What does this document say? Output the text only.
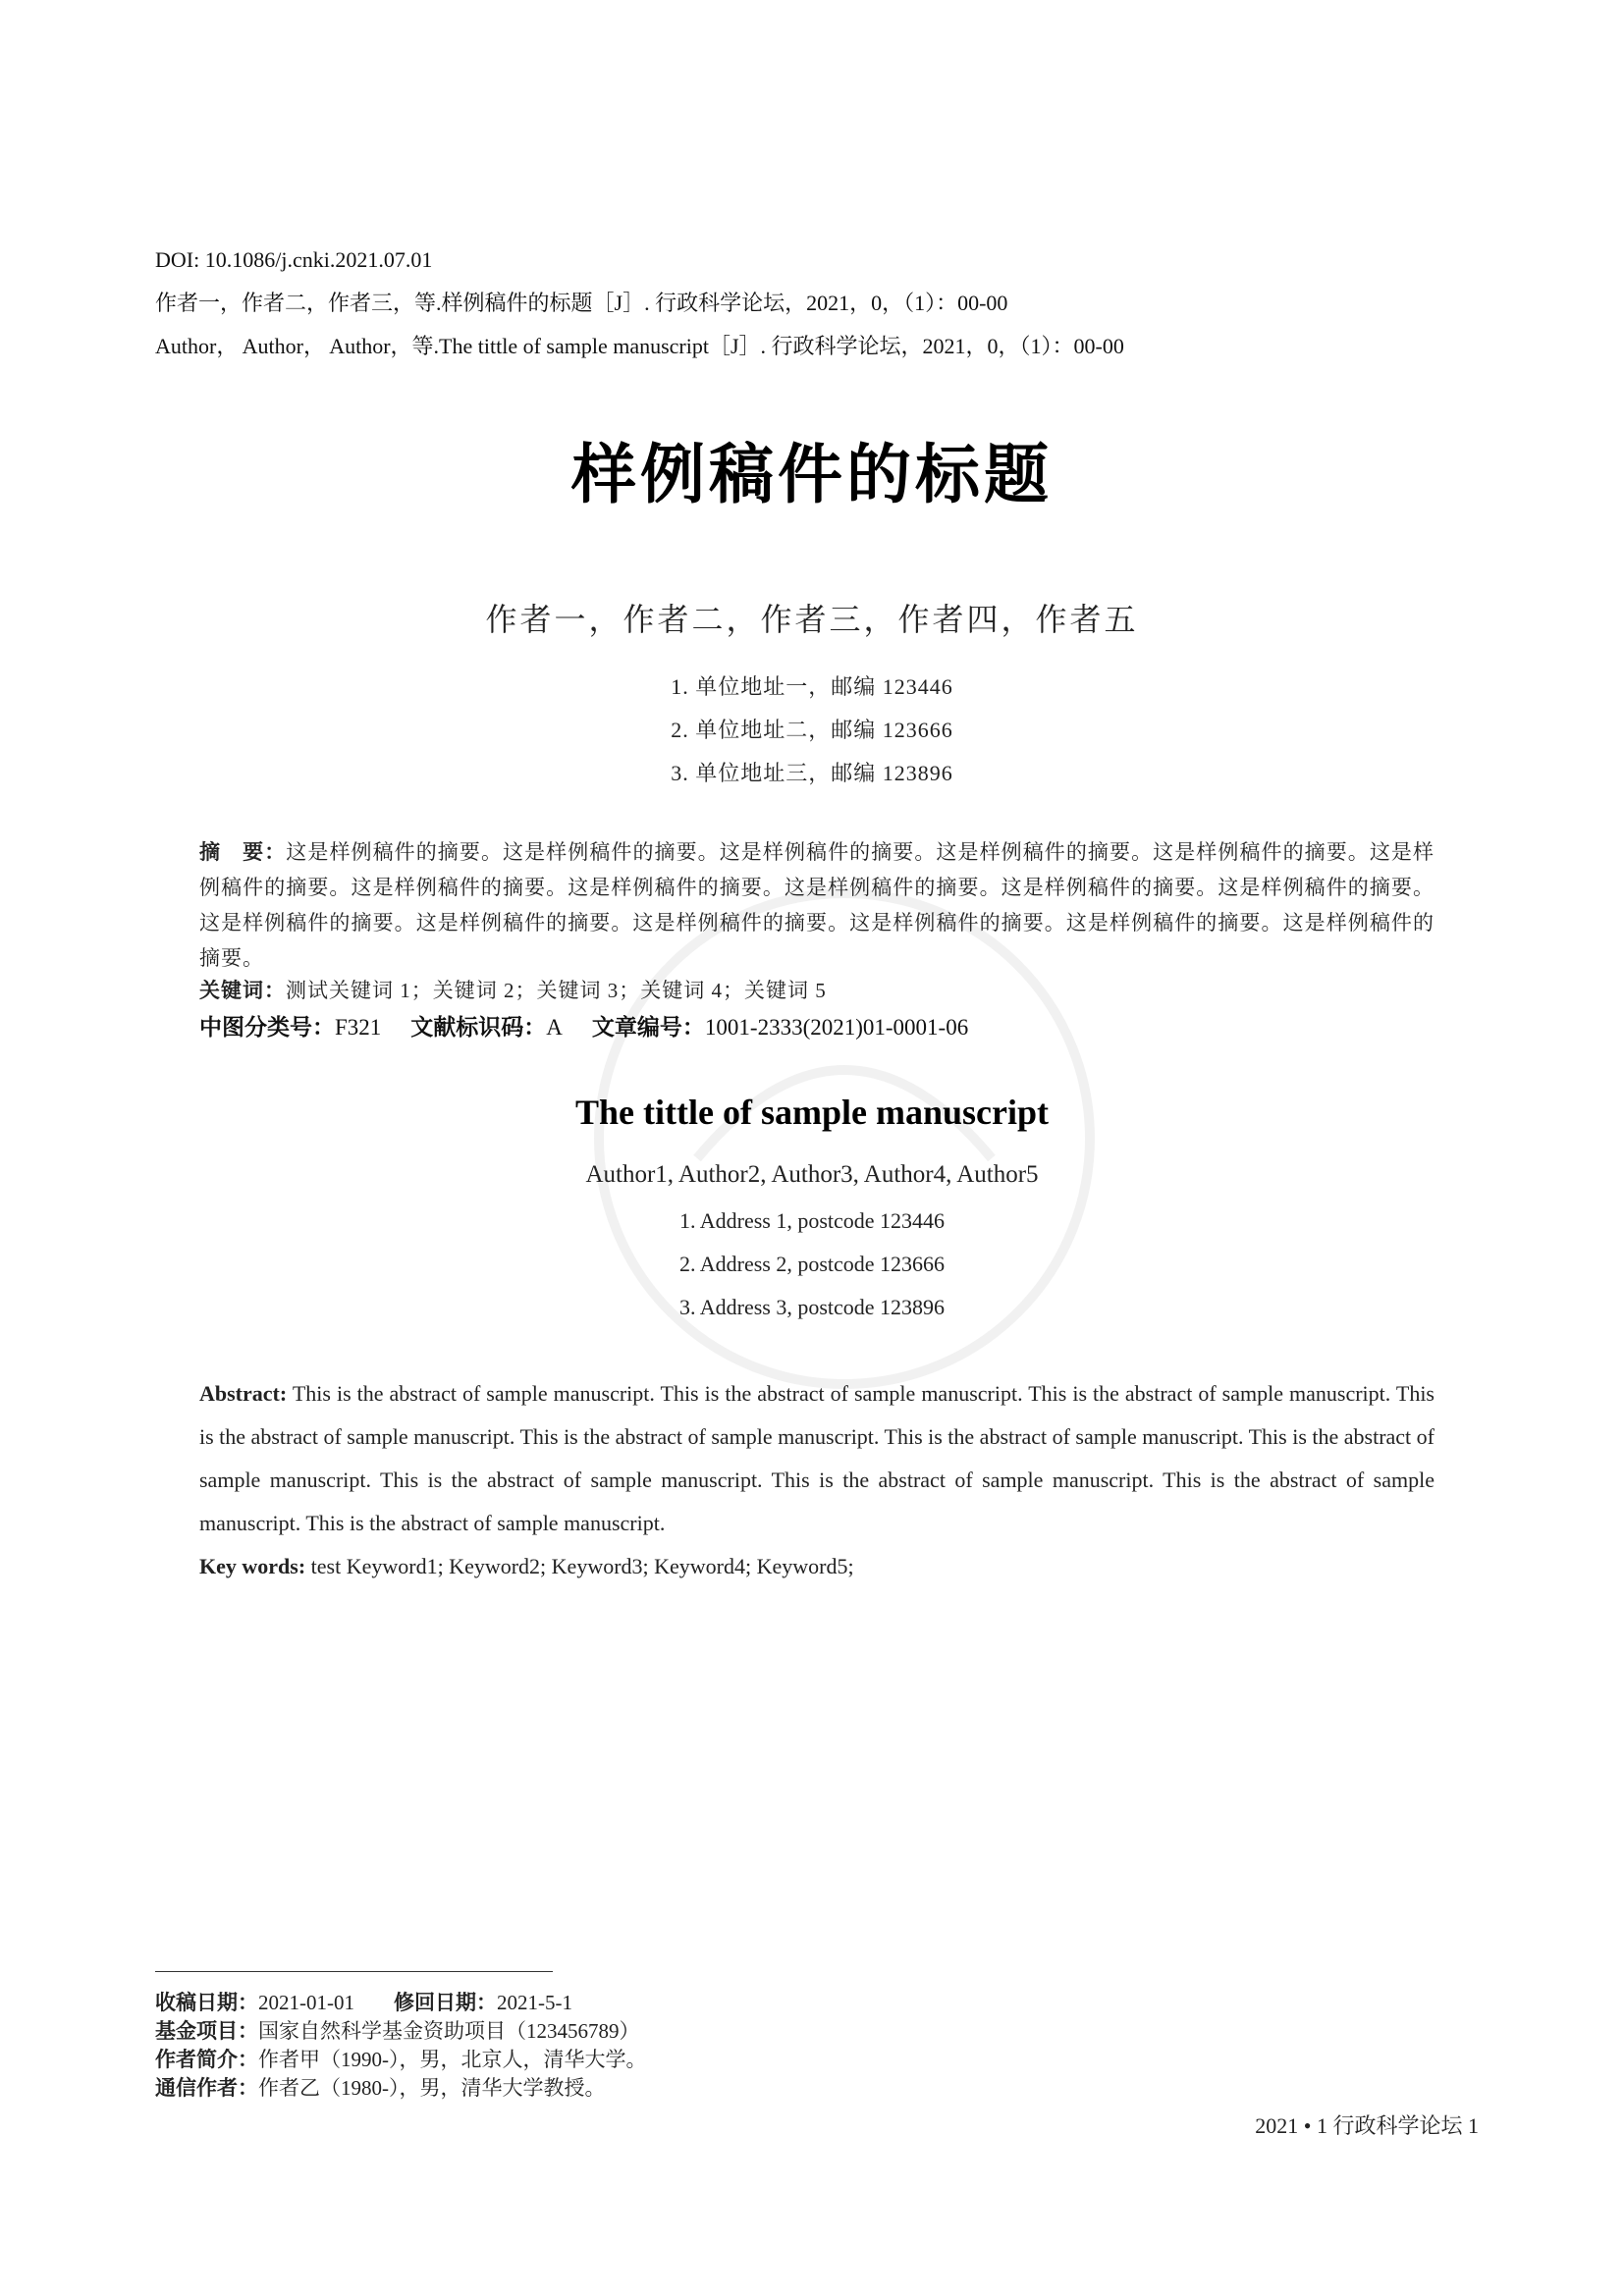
DOI: 10.1086/j.cnki.2021.07.01
作者一，作者二，作者三，等.样例稿件的标题［J］. 行政科学论坛，2021，0，（1）：00-00
Author， Author， Author，等.The tittle of sample manuscript［J］. 行政科学论坛，2021，0，（1）：00-00
样例稿件的标题
作者一，作者二，作者三，作者四，作者五
1. 单位地址一，邮编 123446
2. 单位地址二，邮编 123666
3. 单位地址三，邮编 123896
摘　要：这是样例稿件的摘要。这是样例稿件的摘要。这是样例稿件的摘要。这是样例稿件的摘要。这是样例稿件的摘要。这是样例稿件的摘要。这是样例稿件的摘要。这是样例稿件的摘要。这是样例稿件的摘要。这是样例稿件的摘要。这是样例稿件的摘要。这是样例稿件的摘要。这是样例稿件的摘要。这是样例稿件的摘要。这是样例稿件的摘要。这是样例稿件的摘要。这是样例稿件的摘要。
关键词：测试关键词 1；关键词 2；关键词 3；关键词 4；关键词 5
中图分类号：F321 文献标识码：A 文章编号：1001-2333(2021)01-0001-06
The tittle of sample manuscript
Author1, Author2, Author3, Author4, Author5
1. Address 1, postcode 123446
2. Address 2, postcode 123666
3. Address 3, postcode 123896
Abstract: This is the abstract of sample manuscript. This is the abstract of sample manuscript. This is the abstract of sample manuscript. This is the abstract of sample manuscript. This is the abstract of sample manuscript. This is the abstract of sample manuscript. This is the abstract of sample manuscript. This is the abstract of sample manuscript. This is the abstract of sample manuscript. This is the abstract of sample manuscript. This is the abstract of sample manuscript.
Key words: test Keyword1; Keyword2; Keyword3; Keyword4; Keyword5;
收稿日期：2021-01-01 修回日期：2021-5-1
基金项目：国家自然科学基金资助项目（123456789）
作者简介：作者甲（1990-），男，北京人，清华大学。
通信作者：作者乙（1980-），男，清华大学教授。
2021 • 1 行政科学论坛 1
